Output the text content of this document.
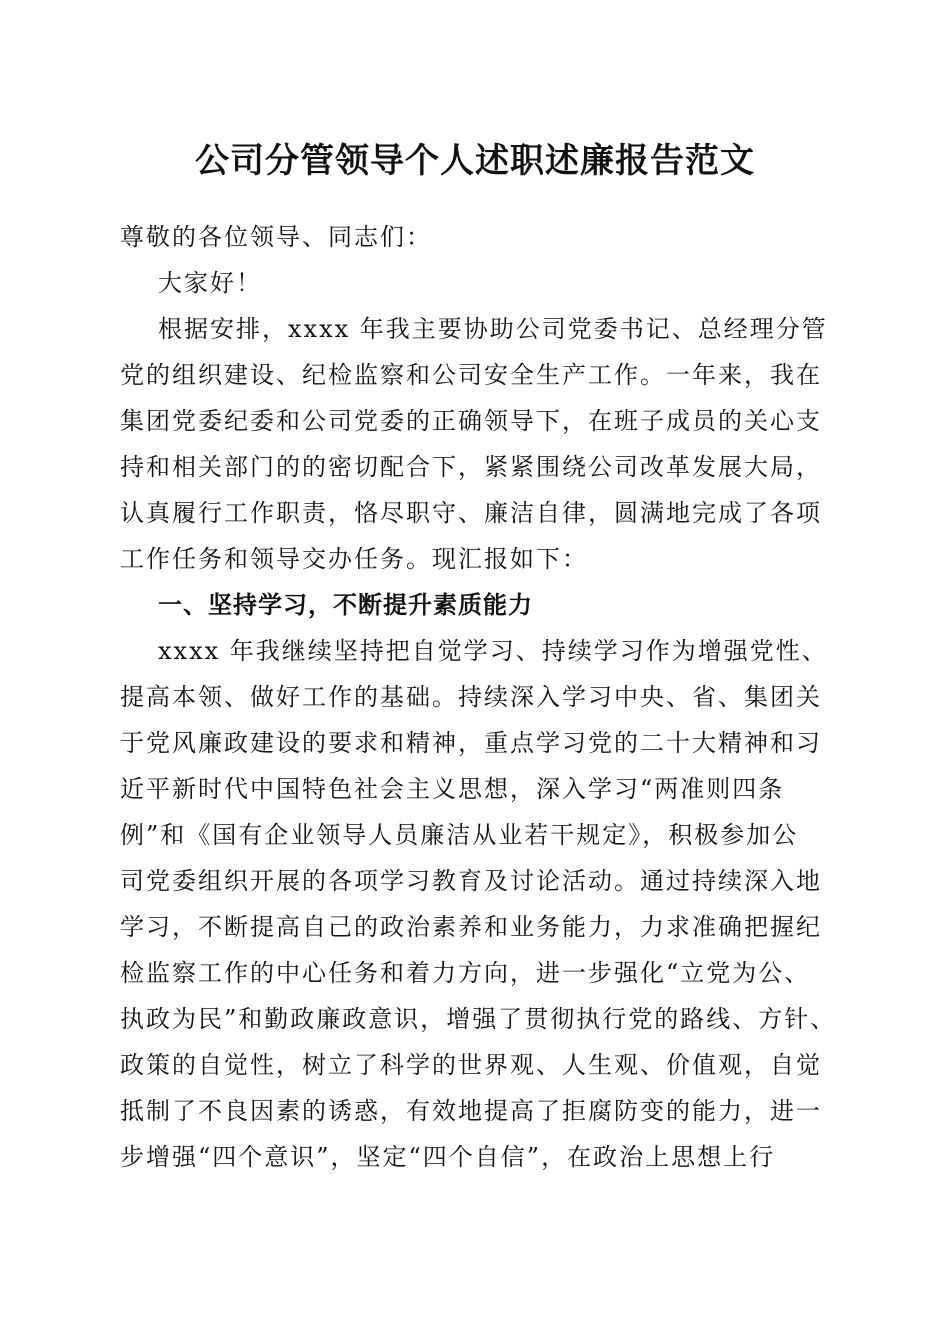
公司分管领导个人述职述廉报告范文
尊敬的各位领导、同志们：
大家好！
根据安排，xxxx 年我主要协助公司党委书记、总经理分管
党的组织建设、纪检监察和公司安全生产工作。一年来，我在
集团党委纪委和公司党委的正确领导下，在班子成员的关心支
持和相关部门的的密切配合下，紧紧围绕公司改革发展大局，
认真履行工作职责，恪尽职守、廉洁自律，圆满地完成了各项
工作任务和领导交办任务。现汇报如下：
一、坚持学习，不断提升素质能力
xxxx 年我继续坚持把自觉学习、持续学习作为增强党性、
提高本领、做好工作的基础。持续深入学习中央、省、集团关
于党风廉政建设的要求和精神，重点学习党的二十大精神和习
近平新时代中国特色社会主义思想，深入学习“两准则四条
例”和《国有企业领导人员廉洁从业若干规定》，积极参加公
司党委组织开展的各项学习教育及讨论活动。通过持续深入地
学习，不断提高自己的政治素养和业务能力，力求准确把握纪
检监察工作的中心任务和着力方向，进一步强化“立党为公、
执政为民”和勤政廉政意识，增强了贯彻执行党的路线、方针、
政策的自觉性，树立了科学的世界观、人生观、价值观，自觉
抵制了不良因素的诱惑，有效地提高了拒腐防变的能力，进一
步增强“四个意识”，坚定“四个自信”，在政治上思想上行
